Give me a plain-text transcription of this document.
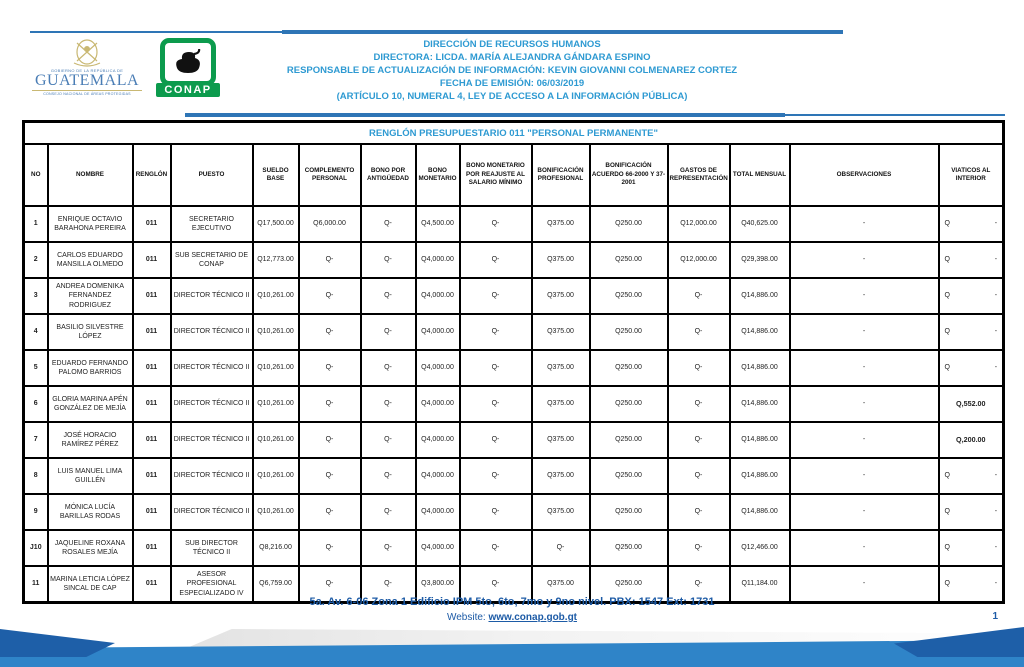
GOBIERNO DE LA REPÚBLICA DE
GUATEMALA
CONSEJO NACIONAL DE ÁREAS PROTEGIDAS	CONAP
DIRECCIÓN DE RECURSOS HUMANOS
DIRECTORA: LICDA. MARÍA ALEJANDRA GÁNDARA ESPINO
RESPONSABLE DE ACTUALIZACIÓN DE INFORMACIÓN: KEVIN GIOVANNI COLMENAREZ CORTEZ
FECHA DE EMISIÓN: 06/03/2019
(ARTÍCULO 10, NUMERAL 4, LEY DE ACCESO A LA INFORMACIÓN PÚBLICA)
RENGLÓN PRESUPUESTARIO 011 "PERSONAL PERMANENTE"														
NO	NOMBRE	RENGLÓN	PUESTO	SUELDO BASE	COMPLEMENTO PERSONAL	BONO POR ANTIGÜEDAD	BONO MONETARIO	BONO MONETARIO POR REAJUSTE AL SALARIO MÍNIMO	BONIFICACIÓN PROFESIONAL	BONIFICACIÓN ACUERDO 66-2000 Y 37-2001	GASTOS DE REPRESENTACIÓN	TOTAL MENSUAL	OBSERVACIONES	VIATICOS AL INTERIOR
1	ENRIQUE OCTAVIO BARAHONA PEREIRA	011	SECRETARIO EJECUTIVO	Q17,500.00	Q6,000.00	Q-	Q4,500.00	Q-	Q375.00	Q250.00	Q12,000.00	Q40,625.00	-	Q -

2	CARLOS EDUARDO MANSILLA OLMEDO	011	SUB SECRETARIO DE CONAP	Q12,773.00	Q-	Q-	Q4,000.00	Q-	Q375.00	Q250.00	Q12,000.00	Q29,398.00	-	Q -

3	ANDREA DOMENIKA FERNANDEZ RODRIGUEZ	011	DIRECTOR TÉCNICO II	Q10,261.00	Q-	Q-	Q4,000.00	Q-	Q375.00	Q250.00	Q-	Q14,886.00	-	Q -

4	BASILIO SILVESTRE LÓPEZ	011	DIRECTOR TÉCNICO II	Q10,261.00	Q-	Q-	Q4,000.00	Q-	Q375.00	Q250.00	Q-	Q14,886.00	-	Q -

5	EDUARDO FERNANDO PALOMO BARRIOS	011	DIRECTOR TÉCNICO II	Q10,261.00	Q-	Q-	Q4,000.00	Q-	Q375.00	Q250.00	Q-	Q14,886.00	-	Q -

6	GLORIA MARINA APÉN GONZÁLEZ DE MEJÍA	011	DIRECTOR TÉCNICO II	Q10,261.00	Q-	Q-	Q4,000.00	Q-	Q375.00	Q250.00	Q-	Q14,886.00	-	Q,552.00
7	JOSÉ HORACIO RAMÍREZ PÉREZ	011	DIRECTOR TÉCNICO II	Q10,261.00	Q-	Q-	Q4,000.00	Q-	Q375.00	Q250.00	Q-	Q14,886.00	-	Q,200.00
8	LUIS MANUEL LIMA GUILLÉN	011	DIRECTOR TÉCNICO II	Q10,261.00	Q-	Q-	Q4,000.00	Q-	Q375.00	Q250.00	Q-	Q14,886.00	-	Q -

9	MÓNICA LUCÍA BARILLAS RODAS	011	DIRECTOR TÉCNICO II	Q10,261.00	Q-	Q-	Q4,000.00	Q-	Q375.00	Q250.00	Q-	Q14,886.00	-	Q -

J10	JAQUELINE ROXANA ROSALES MEJÍA	011	SUB DIRECTOR TÉCNICO II	Q8,216.00	Q-	Q-	Q4,000.00	Q-	Q-	Q250.00	Q-	Q12,466.00	-	Q -

11	MARINA LETICIA LÓPEZ SINCAL DE CAP	011	ASESOR PROFESIONAL ESPECIALIZADO IV	Q6,759.00	Q-	Q-	Q3,800.00	Q-	Q375.00	Q250.00	Q-	Q11,184.00	-	Q -
5a. Av. 6-06 Zona 1 Edificio IPM 5to, 6to, 7mo y 9no nivel. PBX: 1547 Ext: 1731
Website: www.conap.gob.gt	1
